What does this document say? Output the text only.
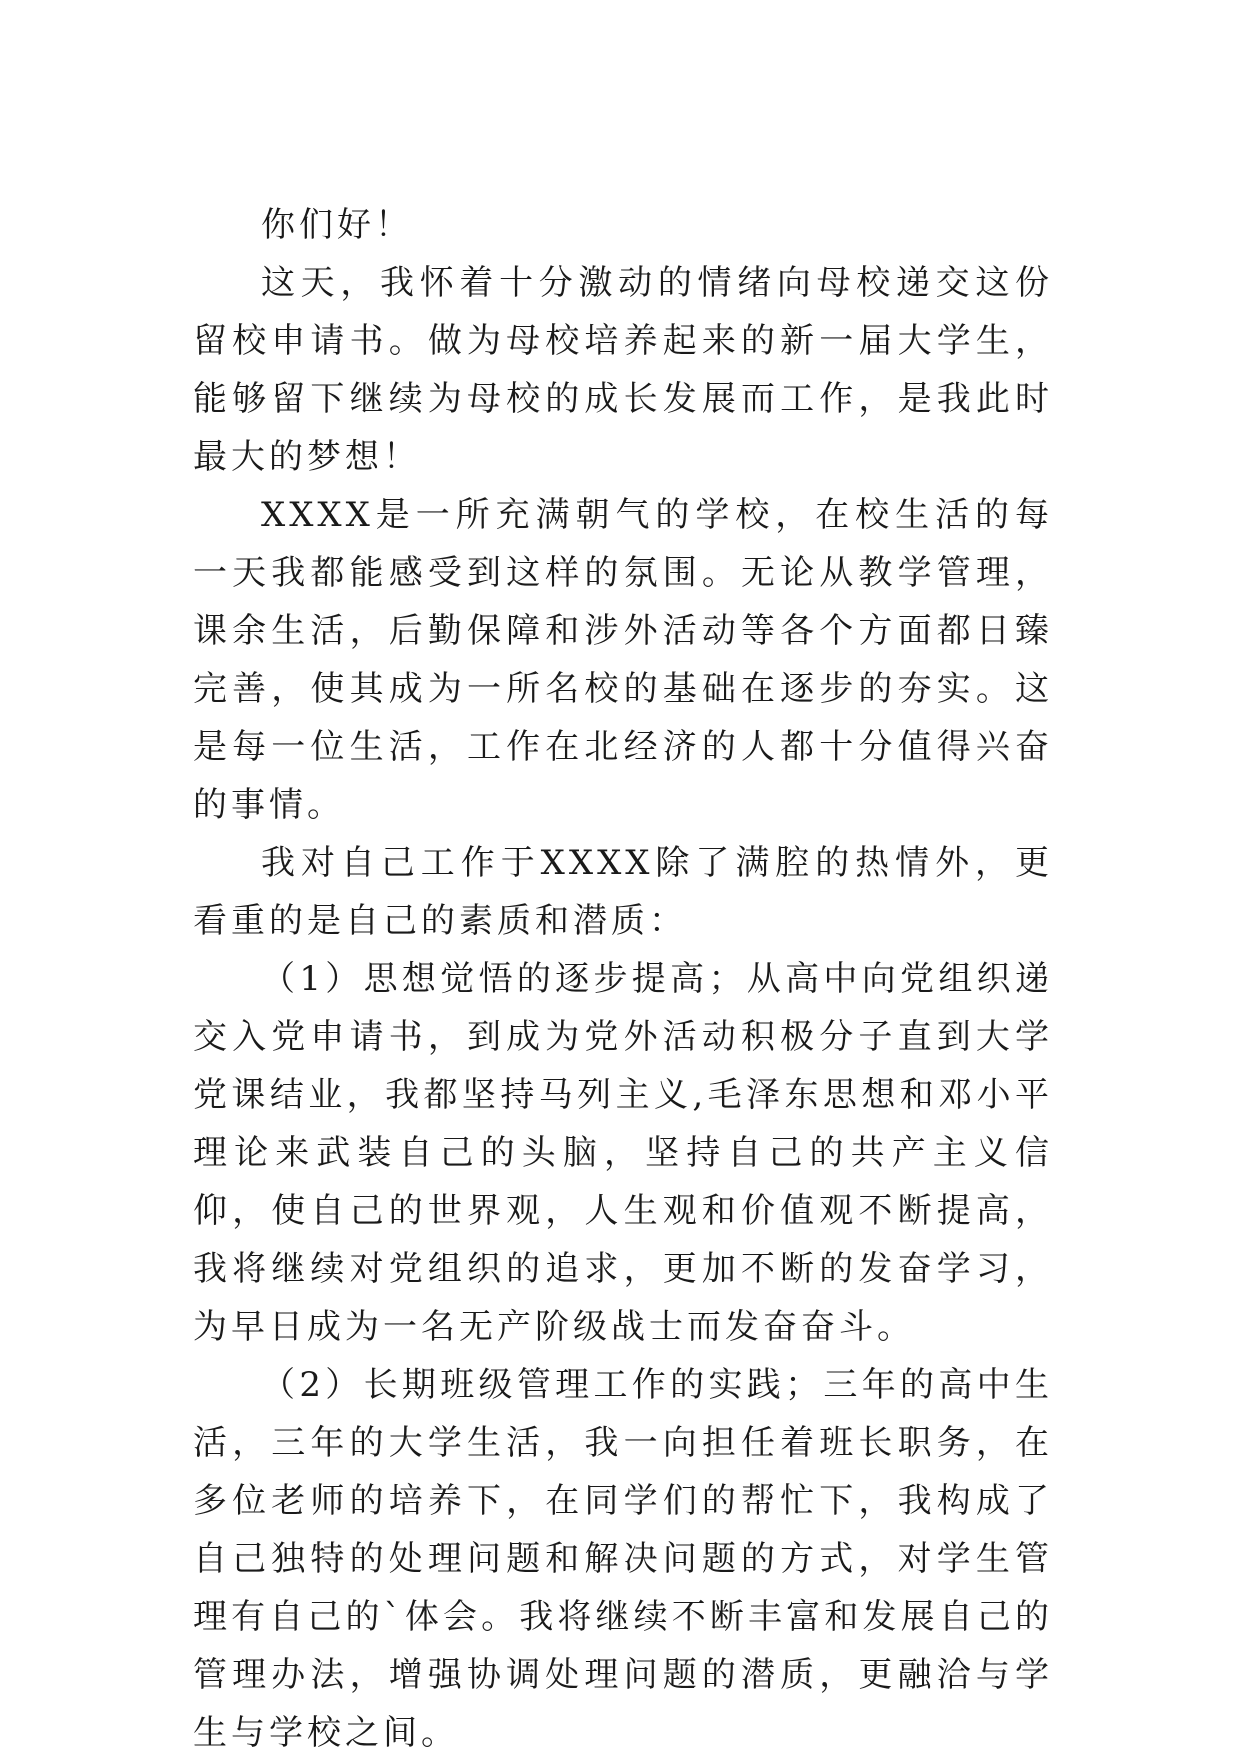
你们好！

这天，我怀着十分激动的情绪向母校递交这份留校申请书。做为母校培养起来的新一届大学生，能够留下继续为母校的成长发展而工作，是我此时最大的梦想！

XXXX是一所充满朝气的学校，在校生活的每一天我都能感受到这样的氛围。无论从教学管理，课余生活，后勤保障和涉外活动等各个方面都日臻完善，使其成为一所名校的基础在逐步的夯实。这是每一位生活，工作在北经济的人都十分值得兴奋的事情。

我对自己工作于XXXX除了满腔的热情外，更看重的是自己的素质和潜质：

（1）思想觉悟的逐步提高；从高中向党组织递交入党申请书，到成为党外活动积极分子直到大学党课结业，我都坚持马列主义,毛泽东思想和邓小平理论来武装自己的头脑，坚持自己的共产主义信仰，使自己的世界观，人生观和价值观不断提高，我将继续对党组织的追求，更加不断的发奋学习，为早日成为一名无产阶级战士而发奋奋斗。

（2）长期班级管理工作的实践；三年的高中生活，三年的大学生活，我一向担任着班长职务，在多位老师的培养下，在同学们的帮忙下，我构成了自己独特的处理问题和解决问题的方式，对学生管理有自己的`体会。我将继续不断丰富和发展自己的管理办法，增强协调处理问题的潜质，更融洽与学生与学校之间。
